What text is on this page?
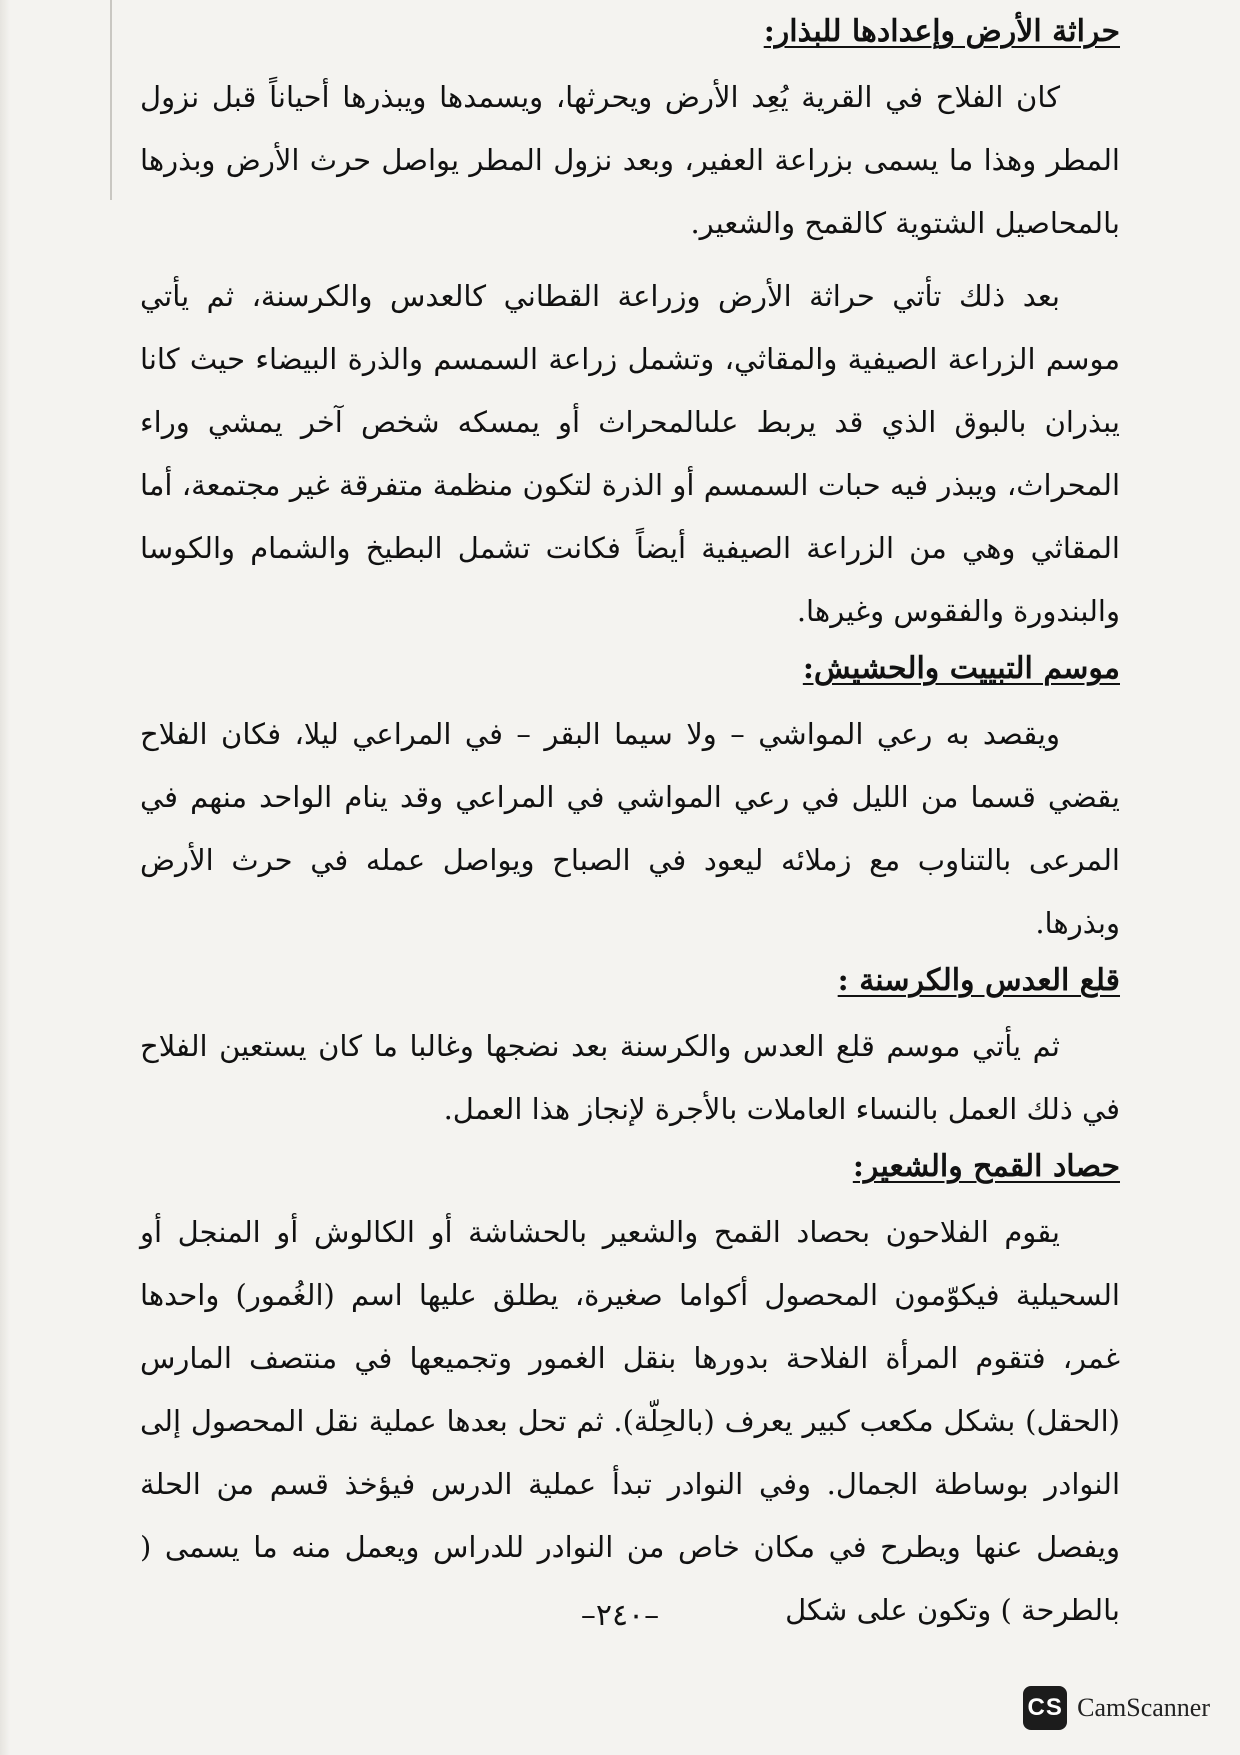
حراثة الأرض وإعدادها للبذار:

كان الفلاح في القرية يُعِد الأرض ويحرثها، ويسمدها ويبذرها أحياناً قبل نزول المطر وهذا ما يسمى بزراعة العفير، وبعد نزول المطر يواصل حرث الأرض وبذرها بالمحاصيل الشتوية كالقمح والشعير.

بعد ذلك تأتي حراثة الأرض وزراعة القطاني كالعدس والكرسنة، ثم يأتي موسم الزراعة الصيفية والمقاثي، وتشمل زراعة السمسم والذرة البيضاء حيث كانا يبذران بالبوق الذي قد يربط علىالمحراث أو يمسكه شخص آخر يمشي وراء المحراث، ويبذر فيه حبات السمسم أو الذرة لتكون منظمة متفرقة غير مجتمعة، أما المقاثي وهي من الزراعة الصيفية أيضاً فكانت تشمل البطيخ والشمام والكوسا والبندورة والفقوس وغيرها.

موسم التبييت والحشيش:

ويقصد به رعي المواشي – ولا سيما البقر – في المراعي ليلا، فكان الفلاح يقضي قسما من الليل في رعي المواشي في المراعي وقد ينام الواحد منهم في المرعى بالتناوب مع زملائه ليعود في الصباح ويواصل عمله في حرث الأرض وبذرها.

قلع العدس والكرسنة :

ثم يأتي موسم قلع العدس والكرسنة بعد نضجها وغالبا ما كان يستعين الفلاح في ذلك العمل بالنساء العاملات بالأجرة لإنجاز هذا العمل.

حصاد القمح والشعير:

يقوم الفلاحون بحصاد القمح والشعير بالحشاشة أو الكالوش أو المنجل أو السحيلية فيكوّمون المحصول أكواما صغيرة، يطلق عليها اسم (الغُمور) واحدها غمر، فتقوم المرأة الفلاحة بدورها بنقل الغمور وتجميعها في منتصف المارس (الحقل) بشكل مكعب كبير يعرف (بالحِلّة). ثم تحل بعدها عملية نقل المحصول إلى النوادر بوساطة الجمال. وفي النوادر تبدأ عملية الدرس فيؤخذ قسم من الحلة ويفصل عنها ويطرح في مكان خاص من النوادر للدراس ويعمل منه ما يسمى ( بالطرحة ) وتكون على شكل

–٢٤٠–
CS CamScanner
